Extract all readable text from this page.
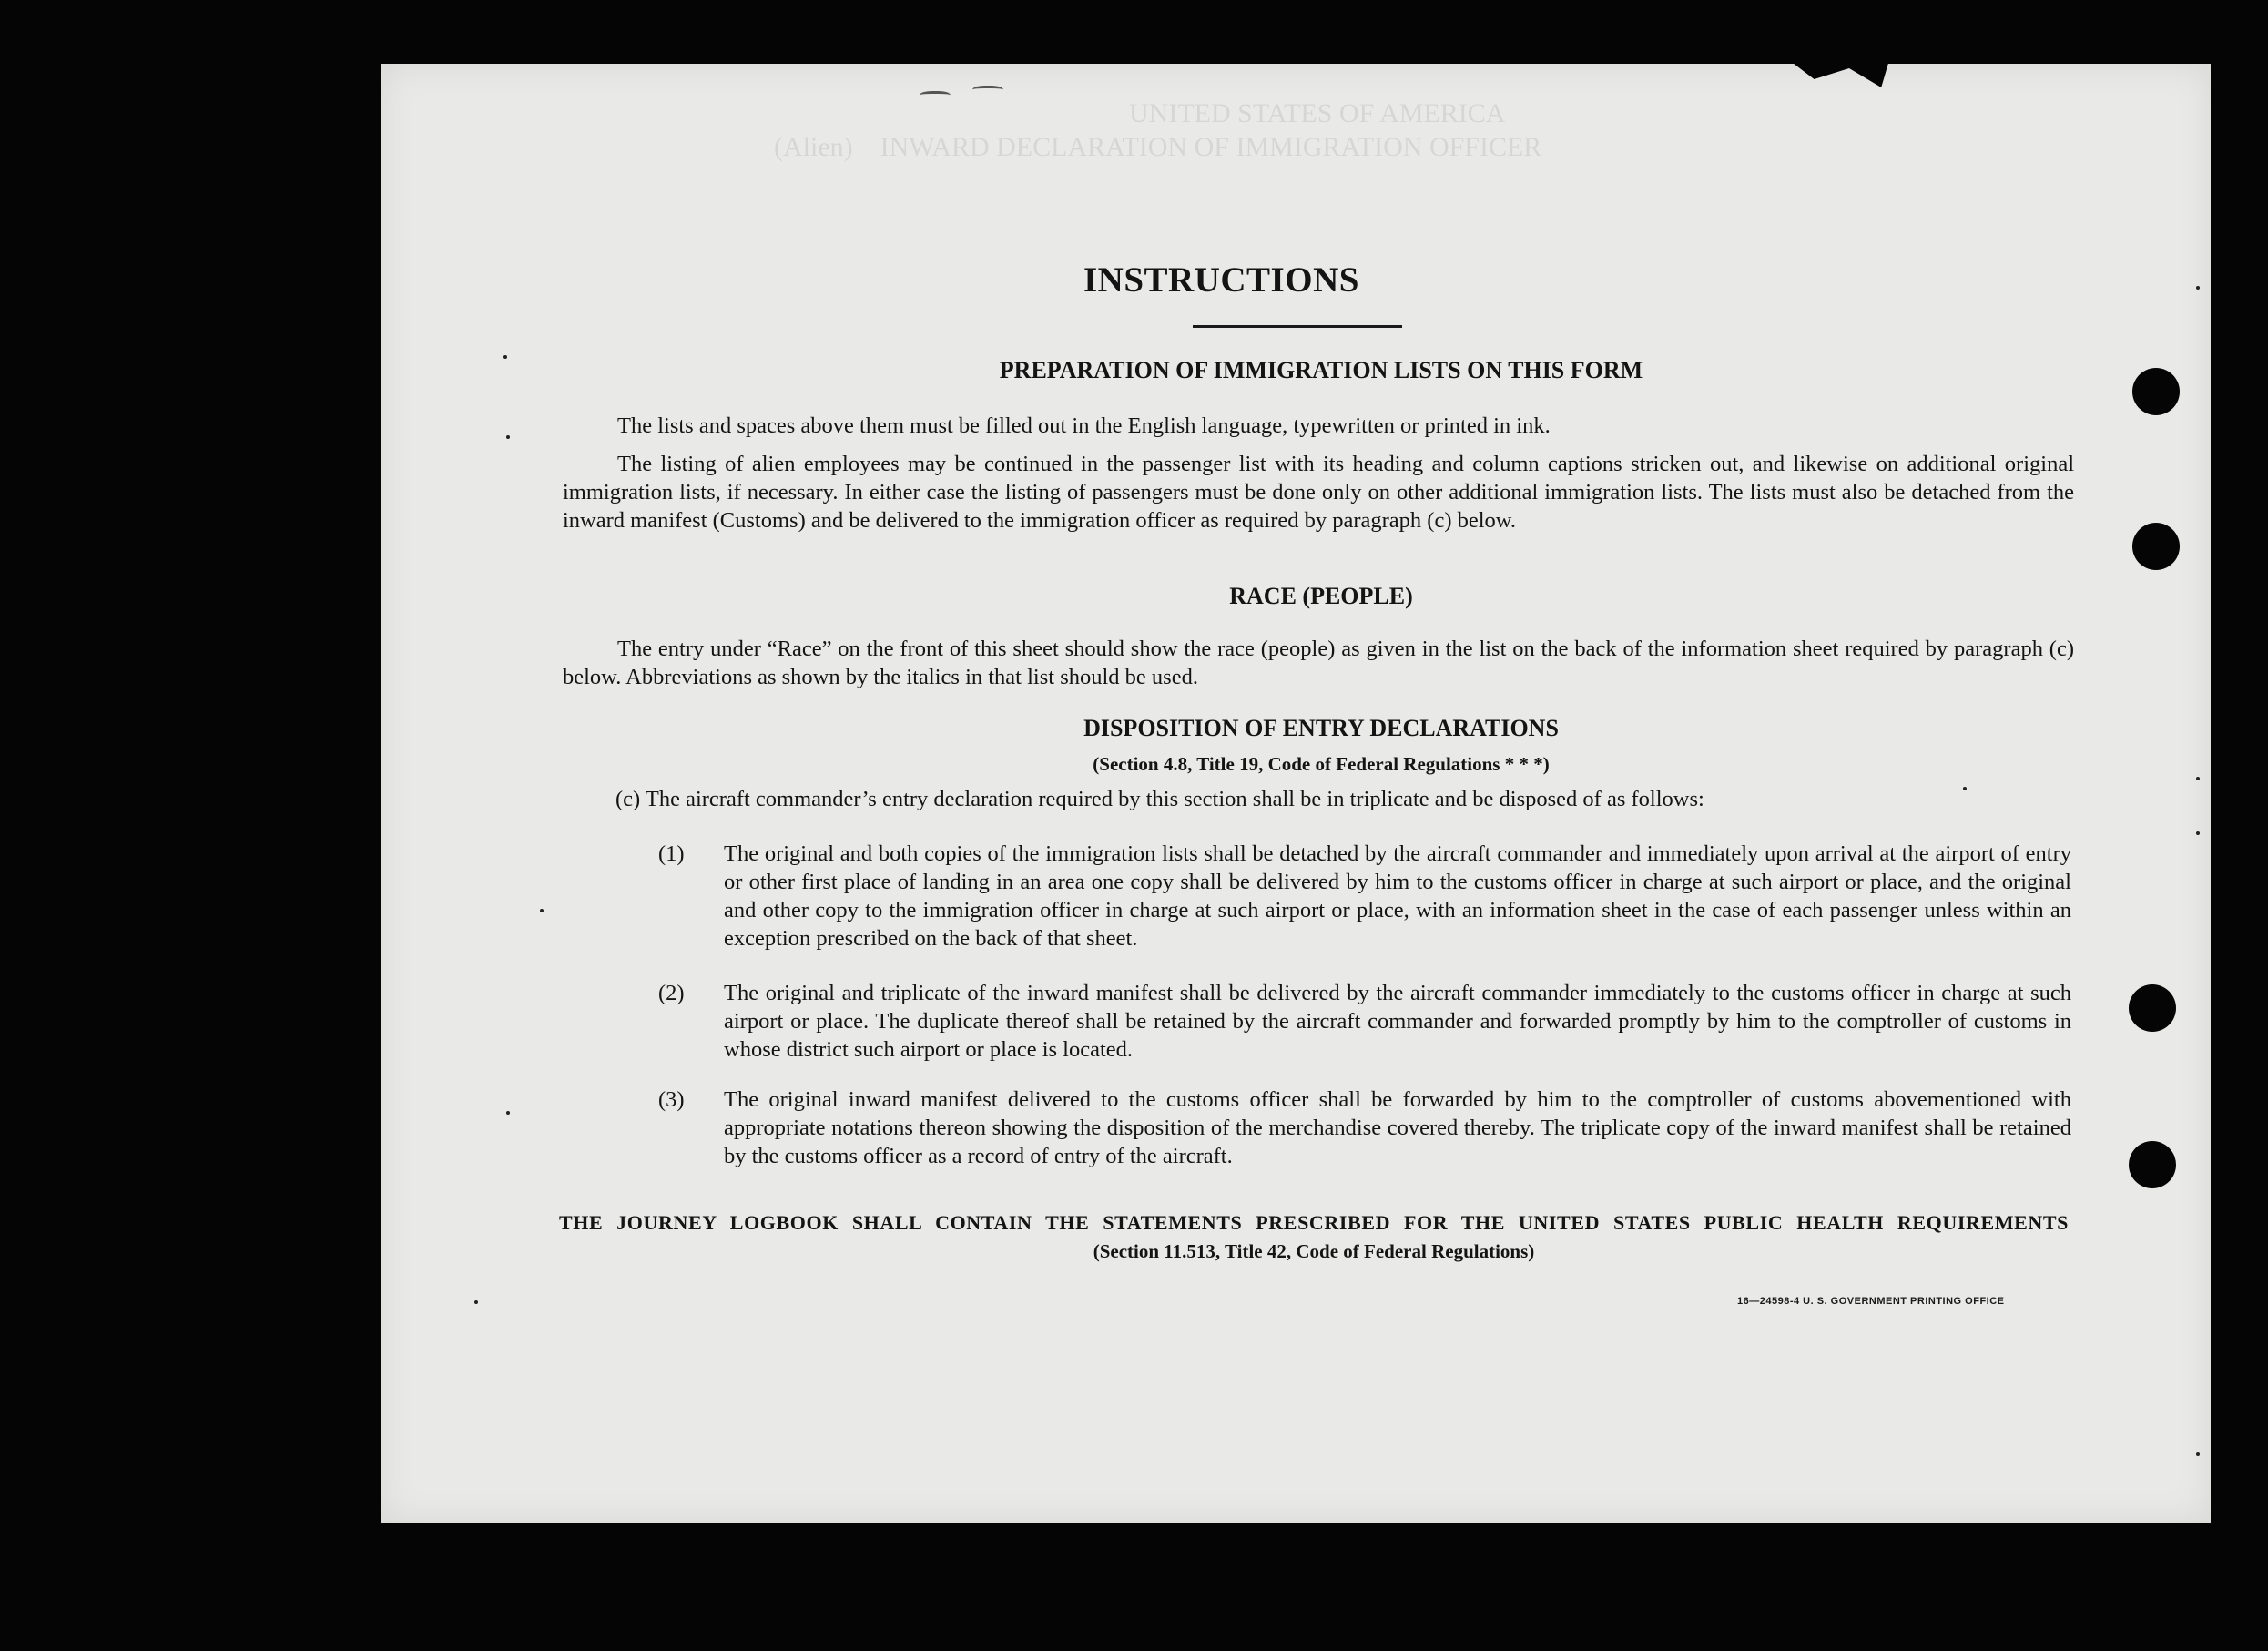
UNITED STATES OF AMERICA
(Alien)    INWARD DECLARATION OF IMMIGRATION OFFICER

INSTRUCTIONS
PREPARATION OF IMMIGRATION LISTS ON THIS FORM

The lists and spaces above them must be filled out in the English language, typewritten or printed in ink.

The listing of alien employees may be continued in the passenger list with its heading and column captions stricken out, and likewise on additional original immigration lists, if necessary. In either case the listing of passengers must be done only on other additional immigration lists. The lists must also be detached from the inward manifest (Customs) and be delivered to the immigration officer as required by paragraph (c) below.

RACE (PEOPLE)

The entry under “Race” on the front of this sheet should show the race (people) as given in the list on the back of the information sheet required by paragraph (c) below. Abbreviations as shown by the italics in that list should be used.

DISPOSITION OF ENTRY DECLARATIONS
(Section 4.8, Title 19, Code of Federal Regulations * * *)

(c) The aircraft commander’s entry declaration required by this section shall be in triplicate and be disposed of as follows:

(1) The original and both copies of the immigration lists shall be detached by the aircraft commander and immediately upon arrival at the airport of entry or other first place of landing in an area one copy shall be delivered by him to the customs officer in charge at such airport or place, and the original and other copy to the immigration officer in charge at such airport or place, with an information sheet in the case of each passenger unless within an exception prescribed on the back of that sheet.
(2) The original and triplicate of the inward manifest shall be delivered by the aircraft commander immediately to the customs officer in charge at such airport or place. The duplicate thereof shall be retained by the aircraft commander and forwarded promptly by him to the comptroller of customs in whose district such airport or place is located.
(3) The original inward manifest delivered to the customs officer shall be forwarded by him to the comptroller of customs abovementioned with appropriate notations thereon showing the disposition of the merchandise covered thereby. The triplicate copy of the inward manifest shall be retained by the customs officer as a record of entry of the aircraft.
THE JOURNEY LOGBOOK SHALL CONTAIN THE STATEMENTS PRESCRIBED FOR THE UNITED STATES PUBLIC HEALTH REQUIREMENTS
(Section 11.513, Title 42, Code of Federal Regulations)
16—24598-4 U. S. GOVERNMENT PRINTING OFFICE
